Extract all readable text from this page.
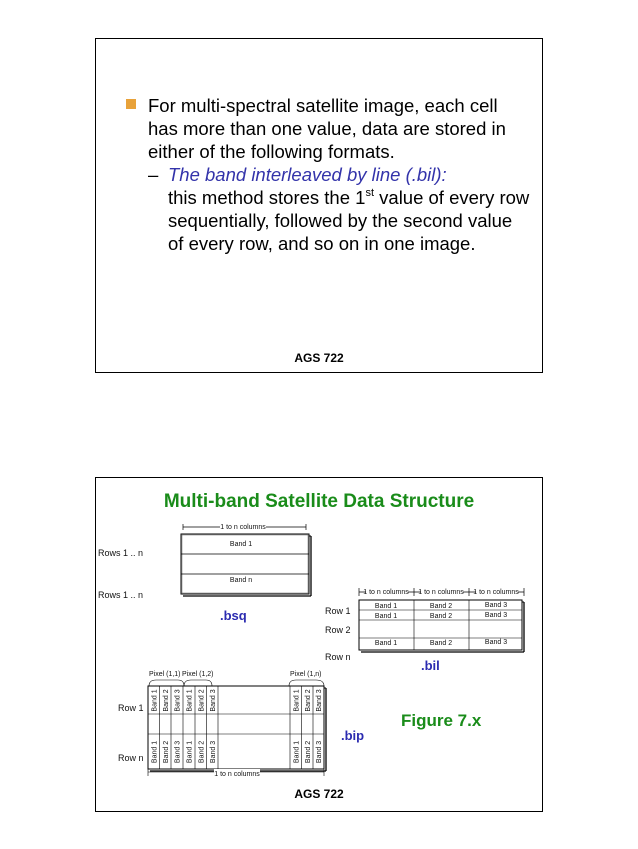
For multi-spectral satellite image, each cell has more than one value, data are stored in either of the following formats.
– The band interleaved by line (.bil):
this method stores the 1st value of every row sequentially, followed by the second value of every row, and so on in one image.
AGS 722
Multi-band Satellite Data Structure
1 to n columns
Band 1
Band n
Rows 1 .. n
Rows 1 .. n	1 to n columns 1 to n columns 1 to n columns
Band 1	Band 2	Band 3
Band 1	Band 2	Band 3
Band 1	Band 2	Band 3
Row 1
Row 2
Row n
Pixel (1,1) Pixel (1,2)	Pixel (1,n)
Band 1 Band 2 Band 3 Band 1 Band 2 Band 3	Band 1 Band 2 Band 3
Band 1 Band 2 Band 3 Band 1 Band 2 Band 3	Band 1 Band 2 Band 3
Row 1
Row n
1 to n columns
.bsq
.bil
.bip
Figure 7.x
AGS 722
